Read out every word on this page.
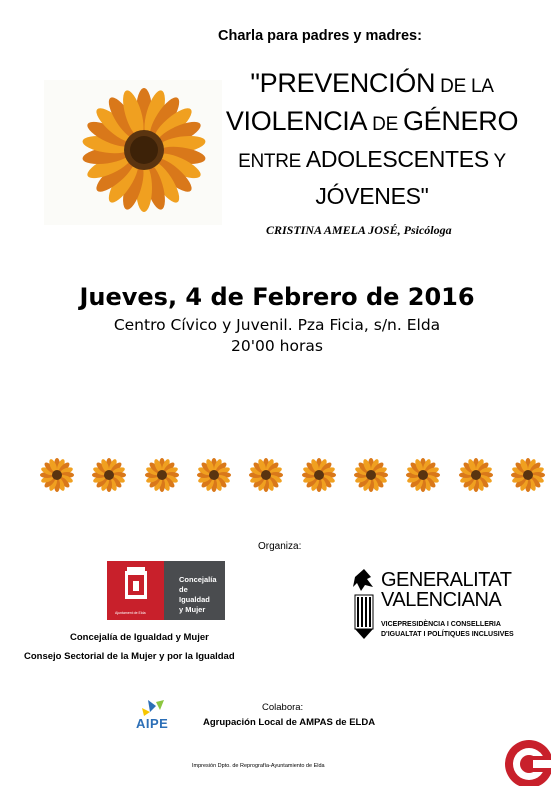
Charla para padres y madres:
"PREVENCIÓN DE LA
VIOLENCIA DE GÉNERO
ENTRE ADOLESCENTES Y
JÓVENES"
CRISTINA AMELA JOSÉ, Psicóloga
Jueves, 4 de Febrero de 2016
Centro Cívico y Juvenil. Pza Ficia, s/n. Elda
20'00 horas
Organiza:
Ajuntament de Elda
Concejalía
de
Igualdad
y Mujer
Concejalía de Igualdad y Mujer
Consejo Sectorial de la Mujer y por la Igualdad
GENERALITAT
VALENCIANA
VICEPRESIDÈNCIA I CONSELLERIA
D'IGUALTAT I POLÍTIQUES INCLUSIVES
AIPE
Colabora:
Agrupación Local de AMPAS de ELDA
Impresión Dpto. de Reprografía-Ayuntamiento de Elda
